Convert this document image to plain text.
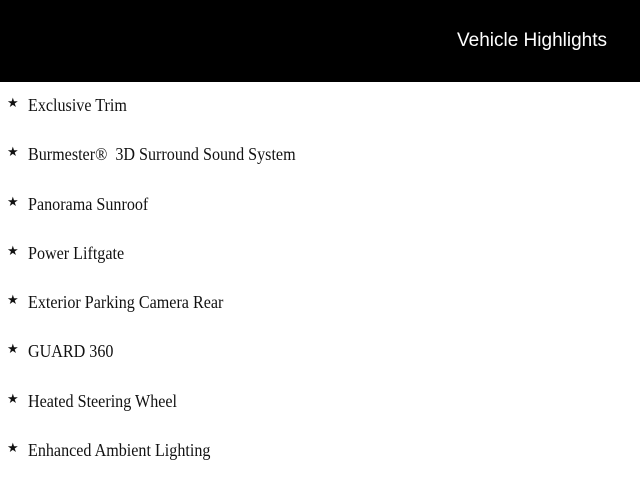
Vehicle Highlights
★ Exclusive Trim
★ Burmester®  3D Surround Sound System
★ Panorama Sunroof
★ Power Liftgate
★ Exterior Parking Camera Rear
★ GUARD 360
★ Heated Steering Wheel
★ Enhanced Ambient Lighting
